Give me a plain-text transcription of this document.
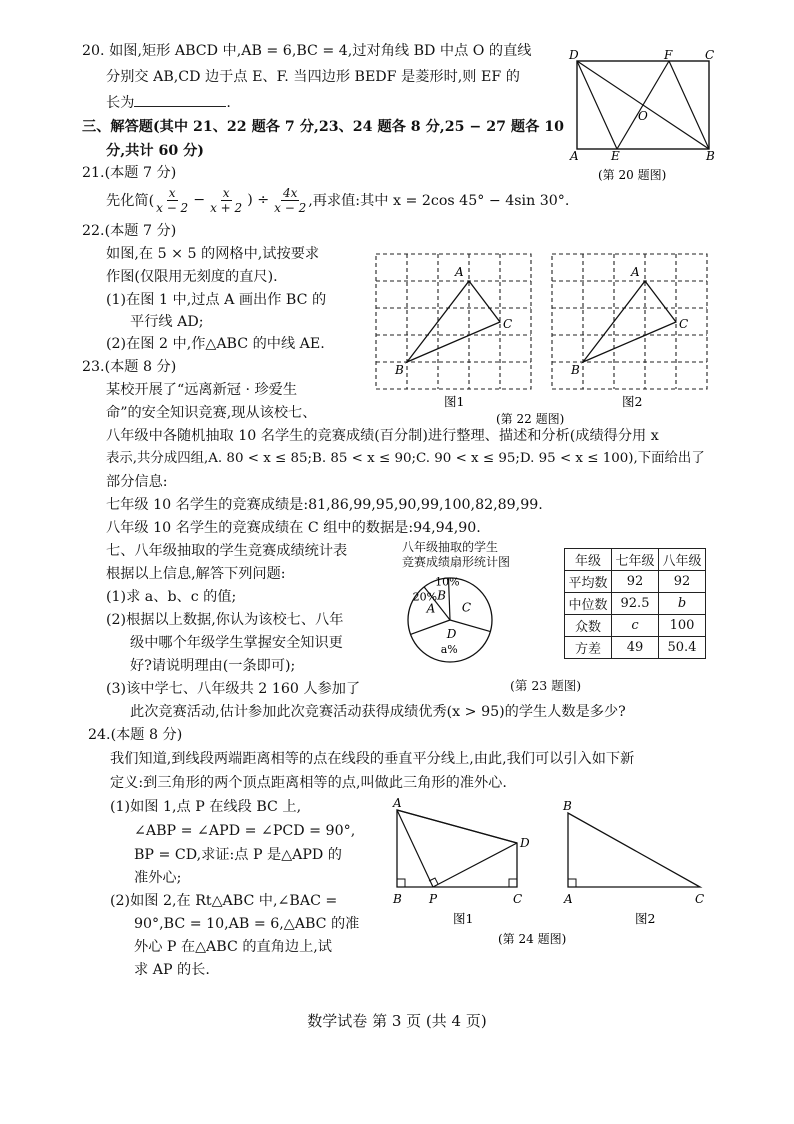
20. 如图,矩形 ABCD 中,AB = 6,BC = 4,过对角线 BD 中点 O 的直线
分别交 AB,CD 边于点 E、F. 当四边形 BEDF 是菱形时,则 EF 的
长为	.
D	F	C
O
A	E	B
(第 20 题图)
三、解答题(其中 21、22 题各 7 分,23、24 题各 8 分,25 − 27 题各 10
分,共计 60 分)
21.(本题 7 分)
先化简( $\frac{x}{x - 2} - \frac{x}{x + 2}$ ) ÷ $\frac{4x}{x - 2}$ ,再求值:其中 x = 2cos 45° − 4sin 30°.
22.(本题 7 分)
如图,在 5 × 5 的网格中,试按要求
作图(仅限用无刻度的直尺).
(1)在图 1 中,过点 A 画出作 BC 的
平行线 AD;
(2)在图 2 中,作△ABC 的中线 AE.
A
C
B
A
C
B
图1	图2
(第 22 题图)
23.(本题 8 分)
某校开展了“远离新冠 · 珍爱生
命”的安全知识竞赛,现从该校七、
八年级中各随机抽取 10 名学生的竞赛成绩(百分制)进行整理、描述和分析(成绩得分用 x
表示,共分成四组,A. 80 < x ≤ 85;B. 85 < x ≤ 90;C. 90 < x ≤ 95;D. 95 < x ≤ 100),下面给出了
部分信息:
七年级 10 名学生的竞赛成绩是:81,86,99,95,90,99,100,82,89,99.
八年级 10 名学生的竞赛成绩在 C 组中的数据是:94,94,90.
七、八年级抽取的学生竞赛成绩统计表
根据以上信息,解答下列问题:
(1)求 a、b、c 的值;
(2)根据以上数据,你认为该校七、八年
级中哪个年级学生掌握安全知识更
好?请说明理由(一条即可);
(3)该中学七、八年级共 2 160 人参加了
此次竞赛活动,估计参加此次竞赛活动获得成绩优秀(x > 95)的学生人数是多少?
八年级抽取的学生
竞赛成绩扇形统计图
A
20% B
10%
C
D
a%
年级	七年级	八年级
平均数	92	92
中位数	92.5	b
众数	c	100
方差	49	50.4
(第 23 题图)
24.(本题 8 分)
我们知道,到线段两端距离相等的点在线段的垂直平分线上,由此,我们可以引入如下新
定义:到三角形的两个顶点距离相等的点,叫做此三角形的准外心.
(1)如图 1,点 P 在线段 BC 上,
∠ABP = ∠APD = ∠PCD = 90°,
BP = CD,求证:点 P 是△APD 的
准外心;
(2)如图 2,在 Rt△ABC 中,∠BAC =
90°,BC = 10,AB = 6,△ABC 的准
外心 P 在△ABC 的直角边上,试
求 AP 的长.
A
D
B P	C
图1
B
A	C
图2
(第 24 题图)
数学试卷 第 3 页 (共 4 页)
